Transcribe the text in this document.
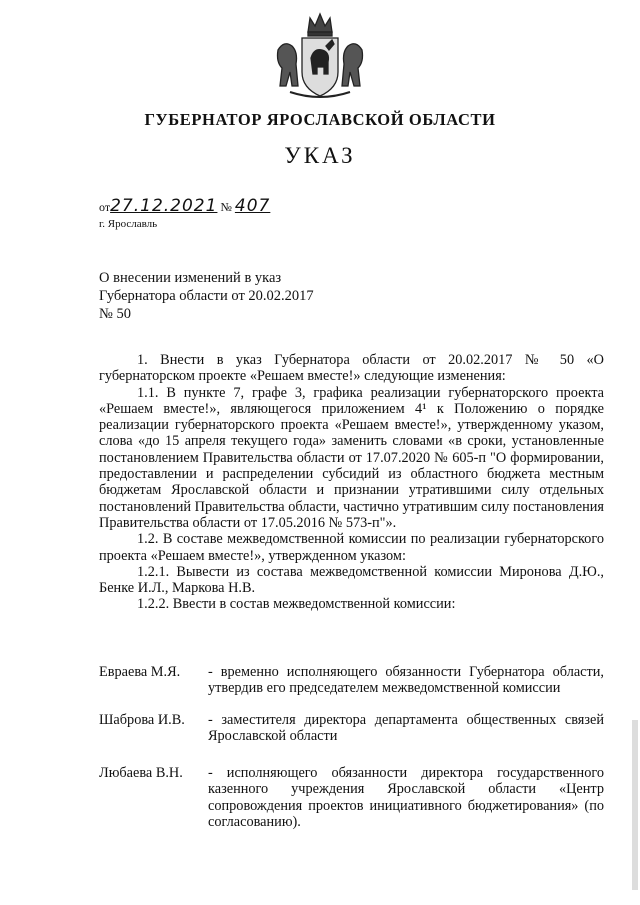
ГУБЕРНАТОР ЯРОСЛАВСКОЙ ОБЛАСТИ
УКАЗ
от27.12.2021 № 407
г. Ярославль
О внесении изменений в указ
Губернатора области от 20.02.2017
№ 50

1. Внести в указ Губернатора области от 20.02.2017 № 50 «О губернаторском проекте «Решаем вместе!» следующие изменения:

1.1. В пункте 7, графе 3, графика реализации губернаторского проекта «Решаем вместе!», являющегося приложением 4¹ к Положению о порядке реализации губернаторского проекта «Решаем вместе!», утвержденному указом, слова «до 15 апреля текущего года» заменить словами «в сроки, установленные постановлением Правительства области от 17.07.2020 № 605-п "О формировании, предоставлении и распределении субсидий из областного бюджета местным бюджетам Ярославской области и признании утратившими силу отдельных постановлений Правительства области, частично утратившим силу постановления Правительства области от 17.05.2016 № 573-п"».

1.2. В составе межведомственной комиссии по реализации губернаторского проекта «Решаем вместе!», утвержденном указом:

1.2.1. Вывести из состава межведомственной комиссии Миронова Д.Ю., Бенке И.Л., Маркова Н.В.

1.2.2. Ввести в состав межведомственной комиссии:

Евраева М.Я. - временно исполняющего обязанности Губернатора области, утвердив его председателем межведомственной комиссии
Шаброва И.В. - заместителя директора департамента общественных связей Ярославской области
Любаева В.Н. - исполняющего обязанности директора государственного казенного учреждения Ярославской области «Центр сопровождения проектов инициативного бюджетирования» (по согласованию).
